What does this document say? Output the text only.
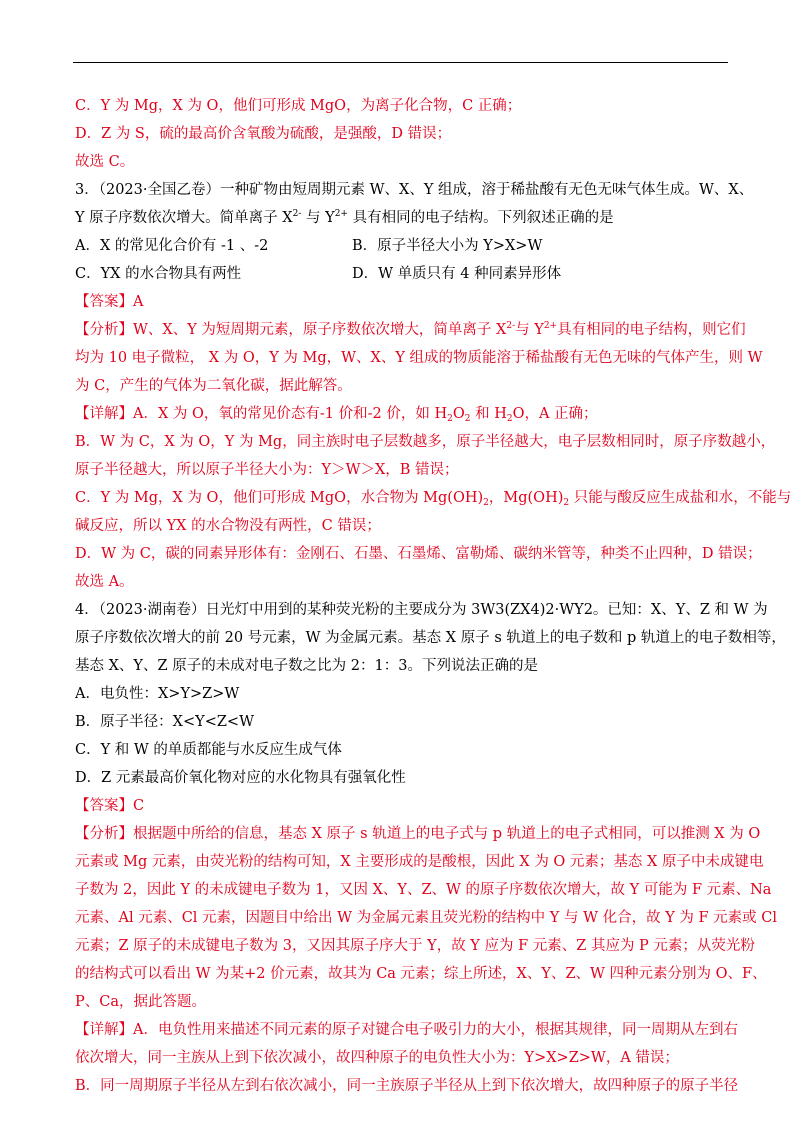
C．Y 为 Mg，X 为 O，他们可形成 MgO，为离子化合物，C 正确；
D．Z 为 S，硫的最高价含氧酸为硫酸，是强酸，D 错误；
故选 C。
3．（2023·全国乙卷）一种矿物由短周期元素 W、X、Y 组成，溶于稀盐酸有无色无味气体生成。W、X、
Y 原子序数依次增大。简单离子 $X^{2-}$ 与 $Y^{2+}$ 具有相同的电子结构。下列叙述正确的是
A．X 的常见化合价有 -1 、-2	B．原子半径大小为 Y>X>W
C．YX 的水合物具有两性	D．W 单质只有 4 种同素异形体
【答案】A
【分析】W、X、Y 为短周期元素，原子序数依次增大，简单离子 $X^{2-}$与 $Y^{2+}$具有相同的电子结构，则它们
均为 10 电子微粒， X 为 O，Y 为 Mg，W、X、Y 组成的物质能溶于稀盐酸有无色无味的气体产生，则 W
为 C，产生的气体为二氧化碳，据此解答。
【详解】A．X 为 O，氧的常见价态有-1 价和-2 价，如 $H_2O_2$ 和 $H_2O$，A 正确；
B．W 为 C，X 为 O，Y 为 Mg，同主族时电子层数越多，原子半径越大，电子层数相同时，原子序数越小，
原子半径越大，所以原子半径大小为：Y＞W＞X，B 错误；
C．Y 为 Mg，X 为 O，他们可形成 MgO，水合物为 $Mg(OH)_2$，$Mg(OH)_2$ 只能与酸反应生成盐和水，不能与
碱反应，所以 YX 的水合物没有两性，C 错误；
D．W 为 C，碳的同素异形体有：金刚石、石墨、石墨烯、富勒烯、碳纳米管等，种类不止四种，D 错误；
故选 A。
4．（2023·湖南卷）日光灯中用到的某种荧光粉的主要成分为 3W3(ZX4)2·WY2。已知：X、Y、Z 和 W 为
原子序数依次增大的前 20 号元素，W 为金属元素。基态 X 原子 s 轨道上的电子数和 p 轨道上的电子数相等，
基态 X、Y、Z 原子的未成对电子数之比为 2：1：3。下列说法正确的是
A．电负性：X>Y>Z>W
B．原子半径：X<Y<Z<W
C．Y 和 W 的单质都能与水反应生成气体
D．Z 元素最高价氧化物对应的水化物具有强氧化性
【答案】C
【分析】根据题中所给的信息，基态 X 原子 s 轨道上的电子式与 p 轨道上的电子式相同，可以推测 X 为 O
元素或 Mg 元素，由荧光粉的结构可知，X 主要形成的是酸根，因此 X 为 O 元素；基态 X 原子中未成键电
子数为 2，因此 Y 的未成键电子数为 1，又因 X、Y、Z、W 的原子序数依次增大，故 Y 可能为 F 元素、Na
元素、Al 元素、Cl 元素，因题目中给出 W 为金属元素且荧光粉的结构中 Y 与 W 化合，故 Y 为 F 元素或 Cl
元素；Z 原子的未成键电子数为 3，又因其原子序大于 Y，故 Y 应为 F 元素、Z 其应为 P 元素；从荧光粉
的结构式可以看出 W 为某+2 价元素，故其为 Ca 元素；综上所述，X、Y、Z、W 四种元素分别为 O、F、
P、Ca，据此答题。
【详解】A．电负性用来描述不同元素的原子对键合电子吸引力的大小，根据其规律，同一周期从左到右
依次增大，同一主族从上到下依次减小，故四种原子的电负性大小为：Y>X>Z>W，A 错误；
B．同一周期原子半径从左到右依次减小，同一主族原子半径从上到下依次增大，故四种原子的原子半径
